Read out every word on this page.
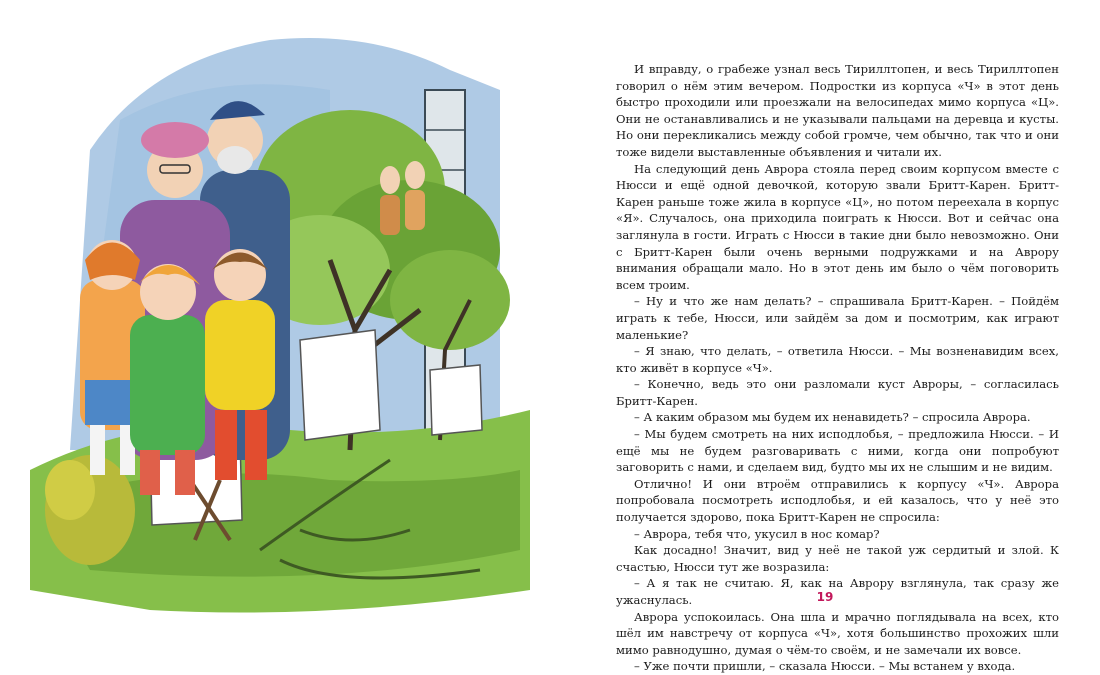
И вправду, о грабеже узнал весь Тириллтопен, и весь Тириллтопен говорил о нём этим вечером. Подростки из корпуса «Ч» в этот день быстро проходили или проезжали на велосипедах мимо корпуса «Ц». Они не останавливались и не указывали пальцами на деревца и кусты. Но они перекликались между собой громче, чем обычно, так что и они тоже видели выставленные объявления и читали их.

На следующий день Аврора стояла перед своим корпусом вместе с Нюсси и ещё одной девочкой, которую звали Бритт-Карен. Бритт-Карен раньше тоже жила в корпусе «Ц», но потом переехала в корпус «Я». Случалось, она приходила поиграть к Нюсси. Вот и сейчас она заглянула в гости. Играть с Нюсси в такие дни было невозможно. Они с Бритт-Карен были очень верными подружками и на Аврору внимания обращали мало. Но в этот день им было о чём поговорить всем троим.

– Ну и что же нам делать? – спрашивала Бритт-Карен. – Пойдём играть к тебе, Нюсси, или зайдём за дом и посмотрим, как играют маленькие?

– Я знаю, что делать, – ответила Нюсси. – Мы возненавидим всех, кто живёт в корпусе «Ч».

– Конечно, ведь это они разломали куст Авроры, – согласилась Бритт-Карен.

– А каким образом мы будем их ненавидеть? – спросила Аврора.

– Мы будем смотреть на них исподлобья, – предложила Нюсси. – И ещё мы не будем разговаривать с ними, когда они попробуют заговорить с нами, и сделаем вид, будто мы их не слышим и не видим.

Отлично! И они втроём отправились к корпусу «Ч». Аврора попробовала посмотреть исподлобья, и ей казалось, что у неё это получается здорово, пока Бритт-Карен не спросила:

– Аврора, тебя что, укусил в нос комар?

Как досадно! Значит, вид у неё не такой уж сердитый и злой. К счастью, Нюсси тут же возразила:

– А я так не считаю. Я, как на Аврору взглянула, так сразу же ужаснулась.

Аврора успокоилась. Она шла и мрачно поглядывала на всех, кто шёл им навстречу от корпуса «Ч», хотя большинство прохожих шли мимо равнодушно, думая о чём-то своём, и не замечали их вовсе.

– Уже почти пришли, – сказала Нюсси. – Мы встанем у входа.

19
